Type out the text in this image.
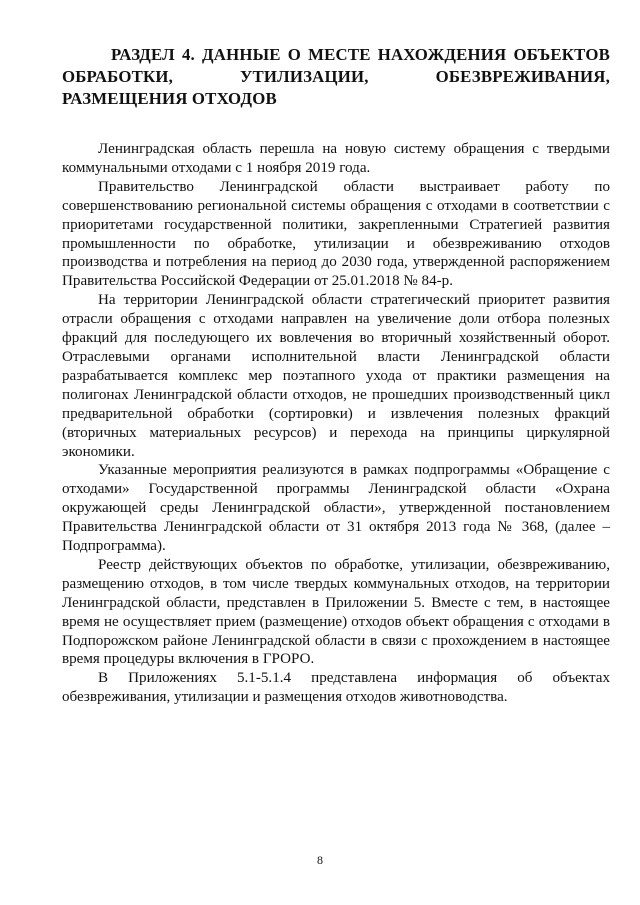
РАЗДЕЛ 4. ДАННЫЕ О МЕСТЕ НАХОЖДЕНИЯ ОБЪЕКТОВ ОБРАБОТКИ, УТИЛИЗАЦИИ, ОБЕЗВРЕЖИВАНИЯ, РАЗМЕЩЕНИЯ ОТХОДОВ

Ленинградская область перешла на новую систему обращения с твердыми коммунальными отходами с 1 ноября 2019 года.

Правительство Ленинградской области выстраивает работу по совершенствованию региональной системы обращения с отходами в соответствии с приоритетами государственной политики, закрепленными Стратегией развития промышленности по обработке, утилизации и обезвреживанию отходов производства и потребления на период до 2030 года, утвержденной распоряжением Правительства Российской Федерации от 25.01.2018 № 84-р.

На территории Ленинградской области стратегический приоритет развития отрасли обращения с отходами направлен на увеличение доли отбора полезных фракций для последующего их вовлечения во вторичный хозяйственный оборот. Отраслевыми органами исполнительной власти Ленинградской области разрабатывается комплекс мер поэтапного ухода от практики размещения на полигонах Ленинградской области отходов, не прошедших производственный цикл предварительной обработки (сортировки) и извлечения полезных фракций (вторичных материальных ресурсов) и перехода на принципы циркулярной экономики.

Указанные мероприятия реализуются в рамках подпрограммы «Обращение с отходами» Государственной программы Ленинградской области «Охрана окружающей среды Ленинградской области», утвержденной постановлением Правительства Ленинградской области от 31 октября 2013 года № 368, (далее – Подпрограмма).

Реестр действующих объектов по обработке, утилизации, обезвреживанию, размещению отходов, в том числе твердых коммунальных отходов, на территории Ленинградской области, представлен в Приложении 5. Вместе с тем, в настоящее время не осуществляет прием (размещение) отходов объект обращения с отходами в Подпорожском районе Ленинградской области в связи с прохождением в настоящее время процедуры включения в ГРОРО.

В Приложениях 5.1-5.1.4 представлена информация об объектах обезвреживания, утилизации и размещения отходов животноводства.

8
